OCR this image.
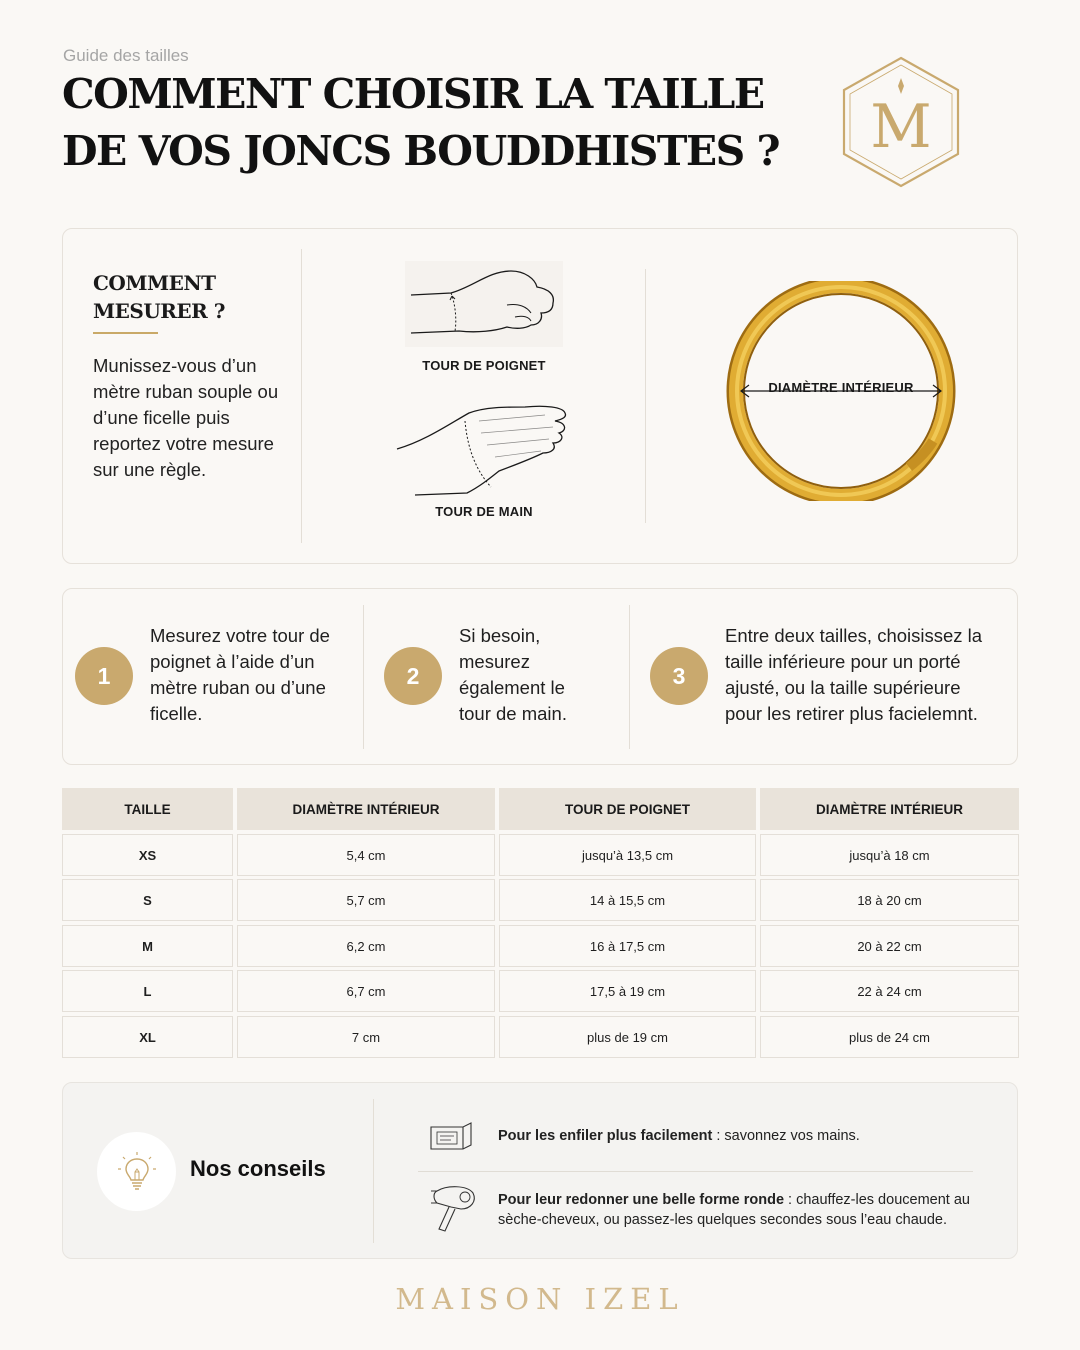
Guide des tailles
COMMENT CHOISIR LA TAILLE
DE VOS JONCS BOUDDHISTES ? M
COMMENT
MESURER ?

Munissez-vous d’un mètre ruban souple ou d’une ficelle puis reportez votre mesure sur une règle.

TOUR DE POIGNET
TOUR DE MAIN
DIAMÈTRE INTÉRIEUR
1

Mesurez votre tour de poignet à l’aide d’un mètre ruban ou d’une ficelle.

2

Si besoin, mesurez également le tour de main.

3

Entre deux tailles, choisissez la taille inférieure pour un porté ajusté, ou la taille supérieure pour les retirer plus facielemnt.

TAILLE	DIAMÈTRE INTÉRIEUR	TOUR DE POIGNET	DIAMÈTRE INTÉRIEUR
XS	5,4 cm	jusqu’à 13,5 cm	jusqu’à 18 cm
S	5,7 cm	14 à 15,5 cm	18 à 20 cm
M	6,2 cm	16 à 17,5 cm	20 à 22 cm
L	6,7 cm	17,5 à 19 cm	22 à 24 cm
XL	7 cm	plus de 19 cm	plus de 24 cm
Nos conseils

Pour les enfiler plus facilement : savonnez vos mains.

Pour leur redonner une belle forme ronde : chauffez-les doucement au sèche-cheveux, ou passez-les quelques secondes sous l’eau chaude.

MAISON IZEL
